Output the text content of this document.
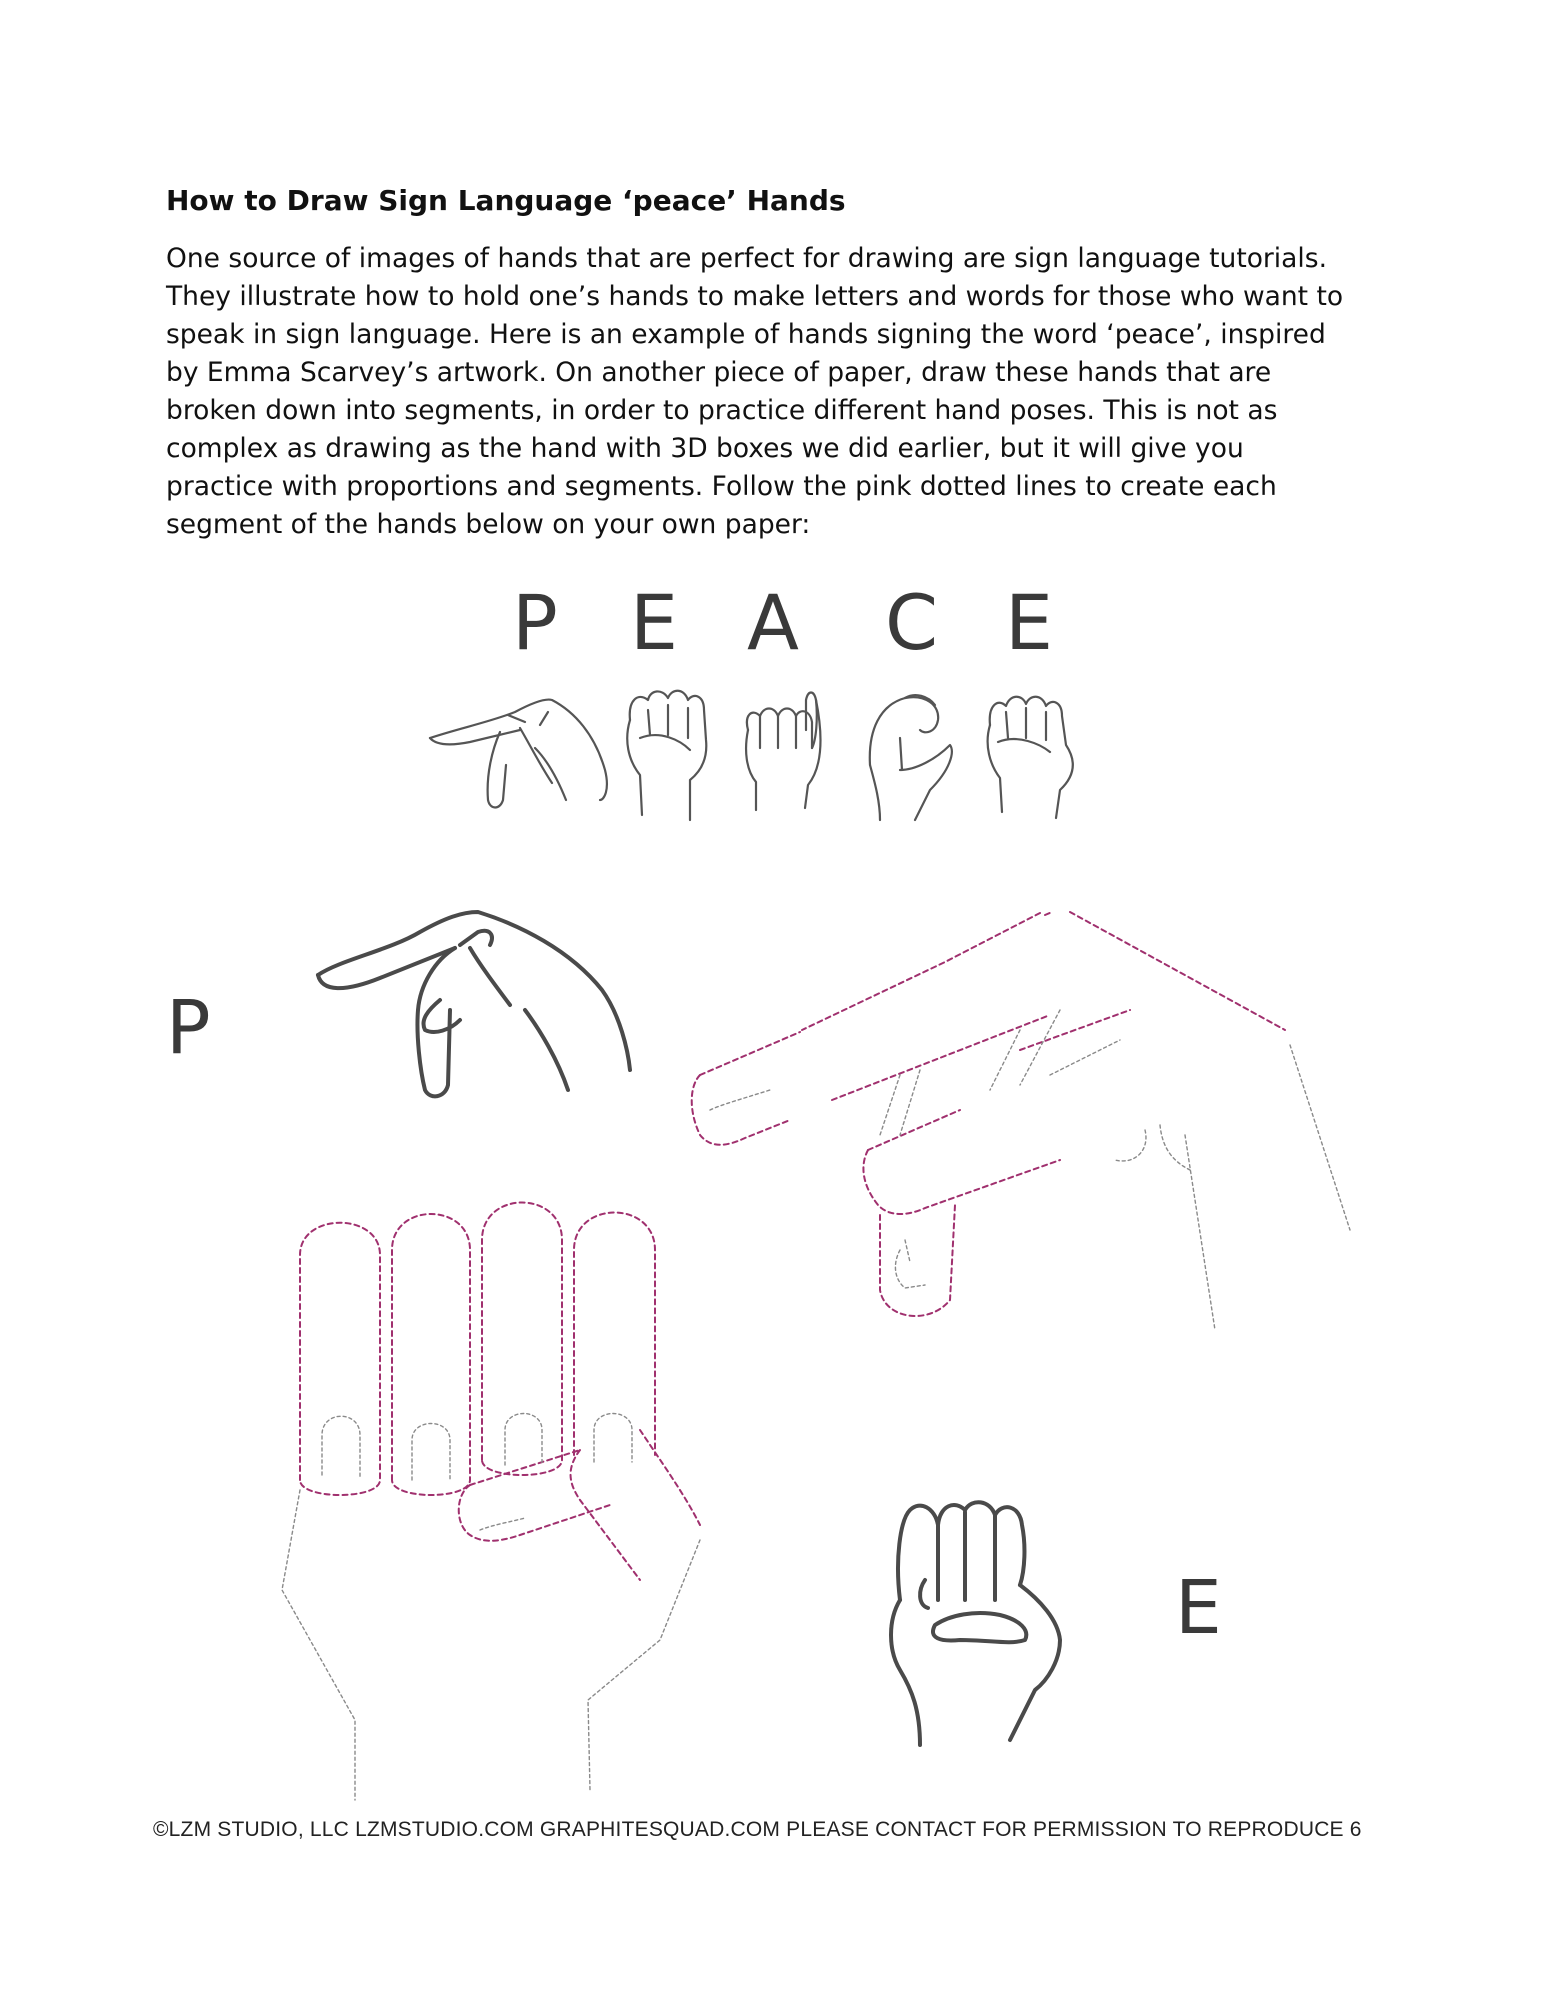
How to Draw Sign Language ‘peace’ Hands
One source of images of hands that are perfect for drawing are sign language tutorials. They illustrate how to hold one’s hands to make letters and words for those who want to speak in sign language. Here is an example of hands signing the word ‘peace’, inspired by Emma Scarvey’s artwork. On another piece of paper, draw these hands that are broken down into segments, in order to practice different hand poses. This is not as complex as drawing as the hand with 3D boxes we did earlier, but it will give you practice with proportions and segments. Follow the pink dotted lines to create each segment of the hands below on your own paper:
P E A C E
P
E
©LZM STUDIO, LLC LZMSTUDIO.COM GRAPHITESQUAD.COM PLEASE CONTACT FOR PERMISSION TO REPRODUCE 6
